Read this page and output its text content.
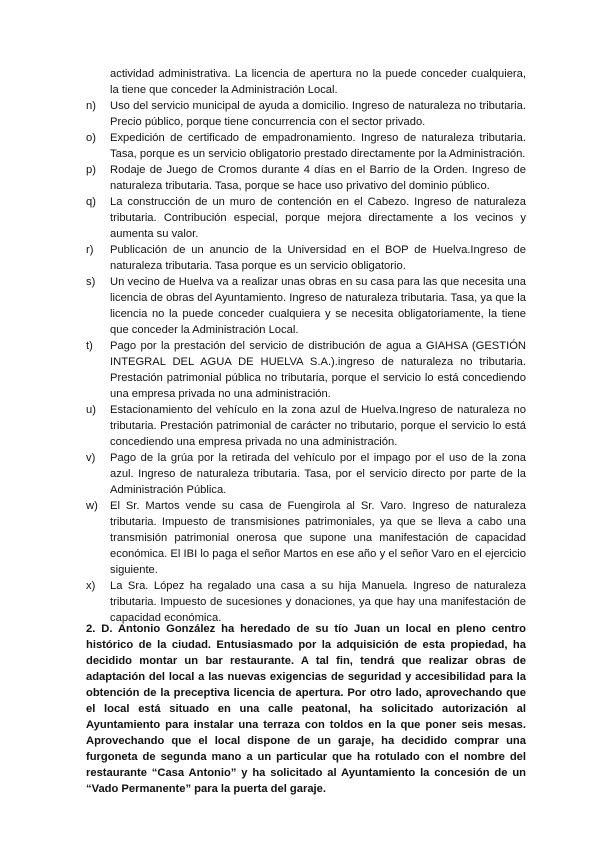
actividad administrativa. La licencia de apertura no la puede conceder cualquiera, la tiene que conceder la Administración Local.
n) Uso del servicio municipal de ayuda a domicilio. Ingreso de naturaleza no tributaria. Precio público, porque tiene concurrencia con el sector privado.
o) Expedición de certificado de empadronamiento. Ingreso de naturaleza tributaria. Tasa, porque es un servicio obligatorio prestado directamente por la Administración.
p) Rodaje de Juego de Cromos durante 4 días en el Barrio de la Orden. Ingreso de naturaleza tributaria. Tasa, porque se hace uso privativo del dominio público.
q) La construcción de un muro de contención en el Cabezo. Ingreso de naturaleza tributaria. Contribución especial, porque mejora directamente a los vecinos y aumenta su valor.
r) Publicación de un anuncio de la Universidad en el BOP de Huelva.Ingreso de naturaleza tributaria. Tasa porque es un servicio obligatorio.
s) Un vecino de Huelva va a realizar unas obras en su casa para las que necesita una licencia de obras del Ayuntamiento. Ingreso de naturaleza tributaria. Tasa, ya que la licencia no la puede conceder cualquiera y se necesita obligatoriamente, la tiene que conceder la Administración Local.
t) Pago por la prestación del servicio de distribución de agua a GIAHSA (GESTIÓN INTEGRAL DEL AGUA DE HUELVA S.A.).ingreso de naturaleza no tributaria. Prestación patrimonial pública no tributaria, porque el servicio lo está concediendo una empresa privada no una administración.
u) Estacionamiento del vehículo en la zona azul de Huelva.Ingreso de naturaleza no tributaria. Prestación patrimonial de carácter no tributario, porque el servicio lo está concediendo una empresa privada no una administración.
v) Pago de la grúa por la retirada del vehículo por el impago por el uso de la zona azul. Ingreso de naturaleza tributaria. Tasa, por el servicio directo por parte de la Administración Pública.
w) El Sr. Martos vende su casa de Fuengirola al Sr. Varo. Ingreso de naturaleza tributaria. Impuesto de transmisiones patrimoniales, ya que se lleva a cabo una transmisión patrimonial onerosa que supone una manifestación de capacidad económica. El IBI lo paga el señor Martos en ese año y el señor Varo en el ejercicio siguiente.
x) La Sra. López ha regalado una casa a su hija Manuela. Ingreso de naturaleza tributaria. Impuesto de sucesiones y donaciones, ya que hay una manifestación de capacidad económica.
2. D. Antonio González ha heredado de su tío Juan un local en pleno centro histórico de la ciudad. Entusiasmado por la adquisición de esta propiedad, ha decidido montar un bar restaurante. A tal fin, tendrá que realizar obras de adaptación del local a las nuevas exigencias de seguridad y accesibilidad para la obtención de la preceptiva licencia de apertura. Por otro lado, aprovechando que el local está situado en una calle peatonal, ha solicitado autorización al Ayuntamiento para instalar una terraza con toldos en la que poner seis mesas. Aprovechando que el local dispone de un garaje, ha decidido comprar una furgoneta de segunda mano a un particular que ha rotulado con el nombre del restaurante “Casa Antonio” y ha solicitado al Ayuntamiento la concesión de un “Vado Permanente” para la puerta del garaje.
